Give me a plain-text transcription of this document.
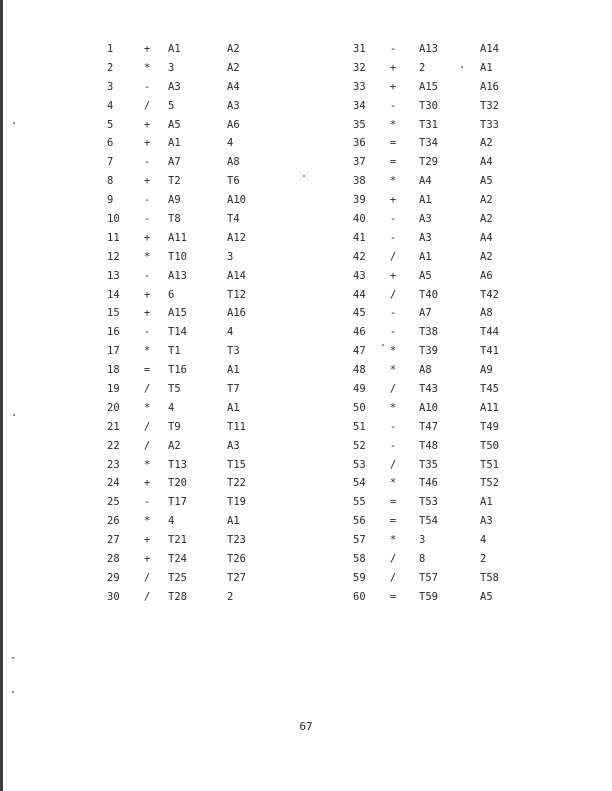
1	+	A1	A2
2	*	3	A2
3	-	A3	A4
4	/	5	A3
5	+	A5	A6
6	+	A1	4
7	-	A7	A8
8	+	T2	T6
9	-	A9	A10
10	-	T8	T4
11	+	A11	A12
12	*	T10	3
13	-	A13	A14
14	+	6	T12
15	+	A15	A16
16	-	T14	4
17	*	T1	T3
18	=	T16	A1
19	/	T5	T7
20	*	4	A1
21	/	T9	T11
22	/	A2	A3
23	*	T13	T15
24	+	T20	T22
25	-	T17	T19
26	*	4	A1
27	+	T21	T23
28	+	T24	T26
29	/	T25	T27
30	/	T28	2
31	-	A13	A14
32	+	2	A1
33	+	A15	A16
34	-	T30	T32
35	*	T31	T33
36	=	T34	A2
37	=	T29	A4
38	*	A4	A5
39	+	A1	A2
40	-	A3	A2
41	-	A3	A4
42	/	A1	A2
43	+	A5	A6
44	/	T40	T42
45	-	A7	A8
46	-	T38	T44
47	*	T39	T41
48	*	A8	A9
49	/	T43	T45
50	*	A10	A11
51	-	T47	T49
52	-	T48	T50
53	/	T35	T51
54	*	T46	T52
55	=	T53	A1
56	=	T54	A3
57	*	3	4
58	/	8	2
59	/	T57	T58
60	=	T59	A5
67
